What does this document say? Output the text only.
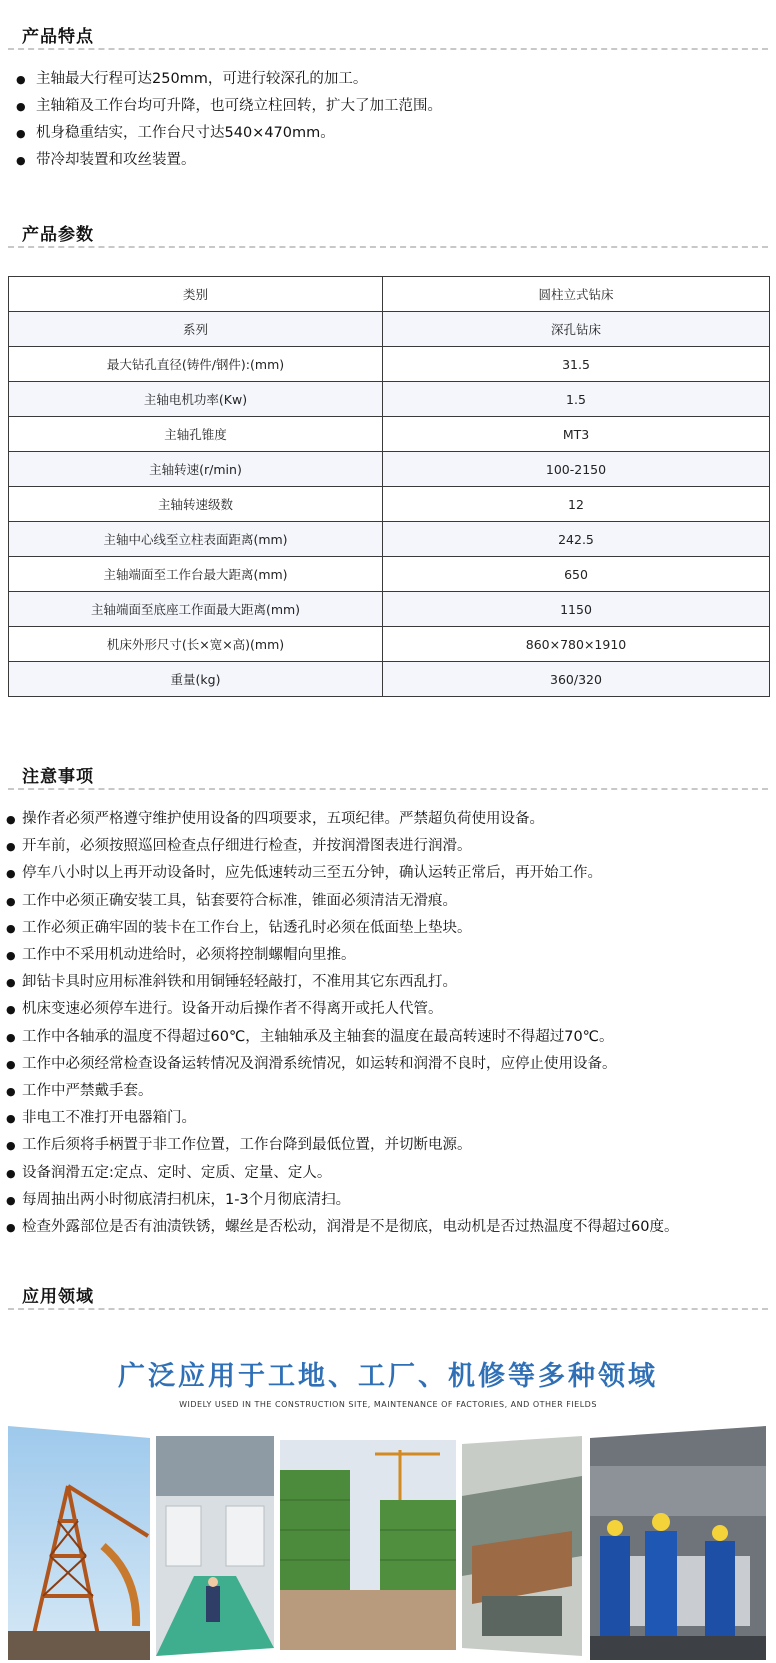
产品特点
● 主轴最大行程可达250mm，可进行较深孔的加工。
● 主轴箱及工作台均可升降，也可绕立柱回转，扩大了加工范围。
● 机身稳重结实，工作台尺寸达540×470mm。
● 带冷却装置和攻丝装置。
产品参数
类别	圆柱立式钻床
系列	深孔钻床
最大钻孔直径(铸件/钢件):(mm)	31.5
主轴电机功率(Kw)	1.5
主轴孔锥度	MT3
主轴转速(r/min)	100-2150
主轴转速级数	12
主轴中心线至立柱表面距离(mm)	242.5
主轴端面至工作台最大距离(mm)	650
主轴端面至底座工作面最大距离(mm)	1150
机床外形尺寸(长×宽×高)(mm)	860×780×1910
重量(kg)	360/320
注意事项
● 操作者必须严格遵守维护使用设备的四项要求，五项纪律。严禁超负荷使用设备。
● 开车前，必须按照巡回检查点仔细进行检查，并按润滑图表进行润滑。
● 停车八小时以上再开动设备时，应先低速转动三至五分钟，确认运转正常后，再开始工作。
● 工作中必须正确安装工具，钻套要符合标准，锥面必须清洁无滑痕。
● 工作必须正确牢固的装卡在工作台上，钻透孔时必须在低面垫上垫块。
● 工作中不采用机动进给时，必须将控制螺帽向里推。
● 卸钻卡具时应用标准斜铁和用铜锤轻轻敲打，不准用其它东西乱打。
● 机床变速必须停车进行。设备开动后操作者不得离开或托人代管。
● 工作中各轴承的温度不得超过60℃，主轴轴承及主轴套的温度在最高转速时不得超过70℃。
● 工作中必须经常检查设备运转情况及润滑系统情况，如运转和润滑不良时，应停止使用设备。
● 工作中严禁戴手套。
● 非电工不准打开电器箱门。
● 工作后须将手柄置于非工作位置，工作台降到最低位置，并切断电源。
● 设备润滑五定:定点、定时、定质、定量、定人。
● 每周抽出两小时彻底清扫机床，1-3个月彻底清扫。
● 检查外露部位是否有油渍铁锈，螺丝是否松动，润滑是不是彻底，电动机是否过热温度不得超过60度。
应用领域
广泛应用于工地、工厂、机修等多种领域
WIDELY USED IN THE CONSTRUCTION SITE, MAINTENANCE OF FACTORIES, AND OTHER FIELDS
